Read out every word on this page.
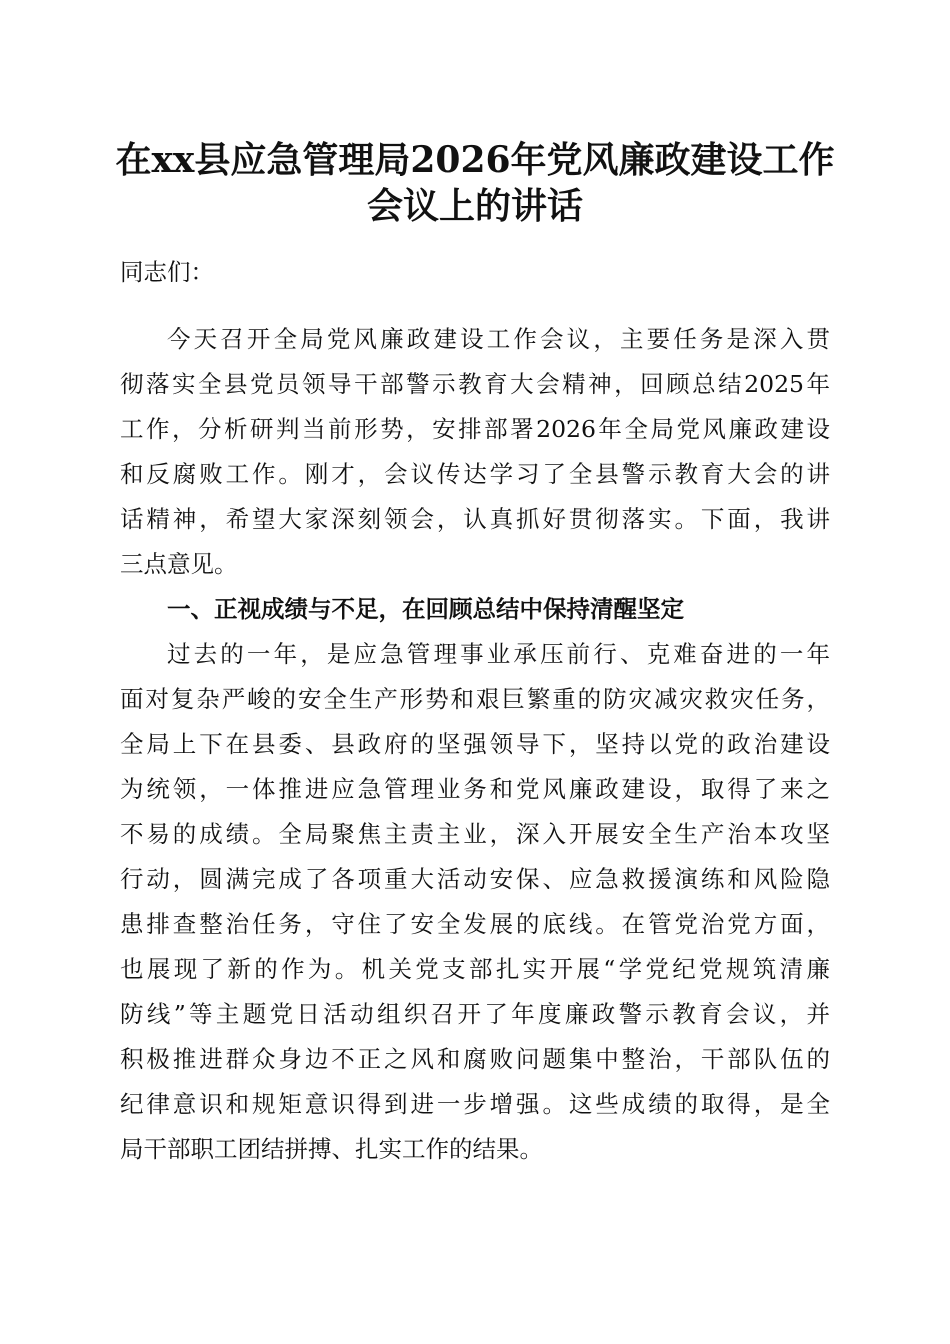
在xx县应急管理局2026年党风廉政建设工作
会议上的讲话

同志们：

今天召开全局党风廉政建设工作会议，主要任务是深入贯

彻落实全县党员领导干部警示教育大会精神，回顾总结2025年

工作，分析研判当前形势，安排部署2026年全局党风廉政建设

和反腐败工作。刚才，会议传达学习了全县警示教育大会的讲

话精神，希望大家深刻领会，认真抓好贯彻落实。下面，我讲

三点意见。

一、正视成绩与不足，在回顾总结中保持清醒坚定

过去的一年，是应急管理事业承压前行、克难奋进的一年

面对复杂严峻的安全生产形势和艰巨繁重的防灾减灾救灾任务，

全局上下在县委、县政府的坚强领导下，坚持以党的政治建设

为统领，一体推进应急管理业务和党风廉政建设，取得了来之

不易的成绩。全局聚焦主责主业，深入开展安全生产治本攻坚

行动，圆满完成了各项重大活动安保、应急救援演练和风险隐

患排查整治任务，守住了安全发展的底线。在管党治党方面，

也展现了新的作为。机关党支部扎实开展“学党纪党规筑清廉

防线”等主题党日活动组织召开了年度廉政警示教育会议，并

积极推进群众身边不正之风和腐败问题集中整治，干部队伍的

纪律意识和规矩意识得到进一步增强。这些成绩的取得，是全

局干部职工团结拼搏、扎实工作的结果。
